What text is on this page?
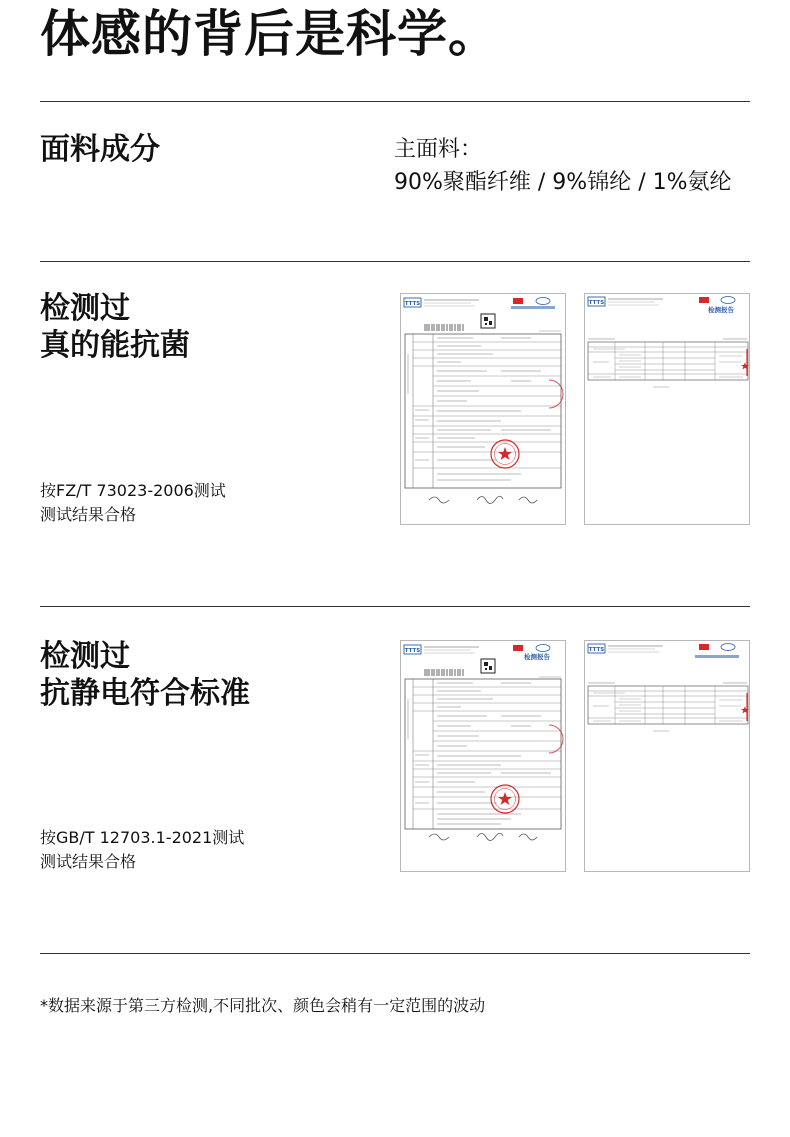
体感的背后是科学。
面料成分	主面料：
90%聚酯纤维 / 9%锦纶 / 1%氨纶
检测过
真的能抗菌
按FZ/T 73023-2006测试
测试结果合格
TTTS	TTTS
检测报告
检测过
抗静电符合标准
按GB/T 12703.1-2021测试
测试结果合格
TTTS
检测报告
TTTS
*数据来源于第三方检测,不同批次、颜色会稍有一定范围的波动
